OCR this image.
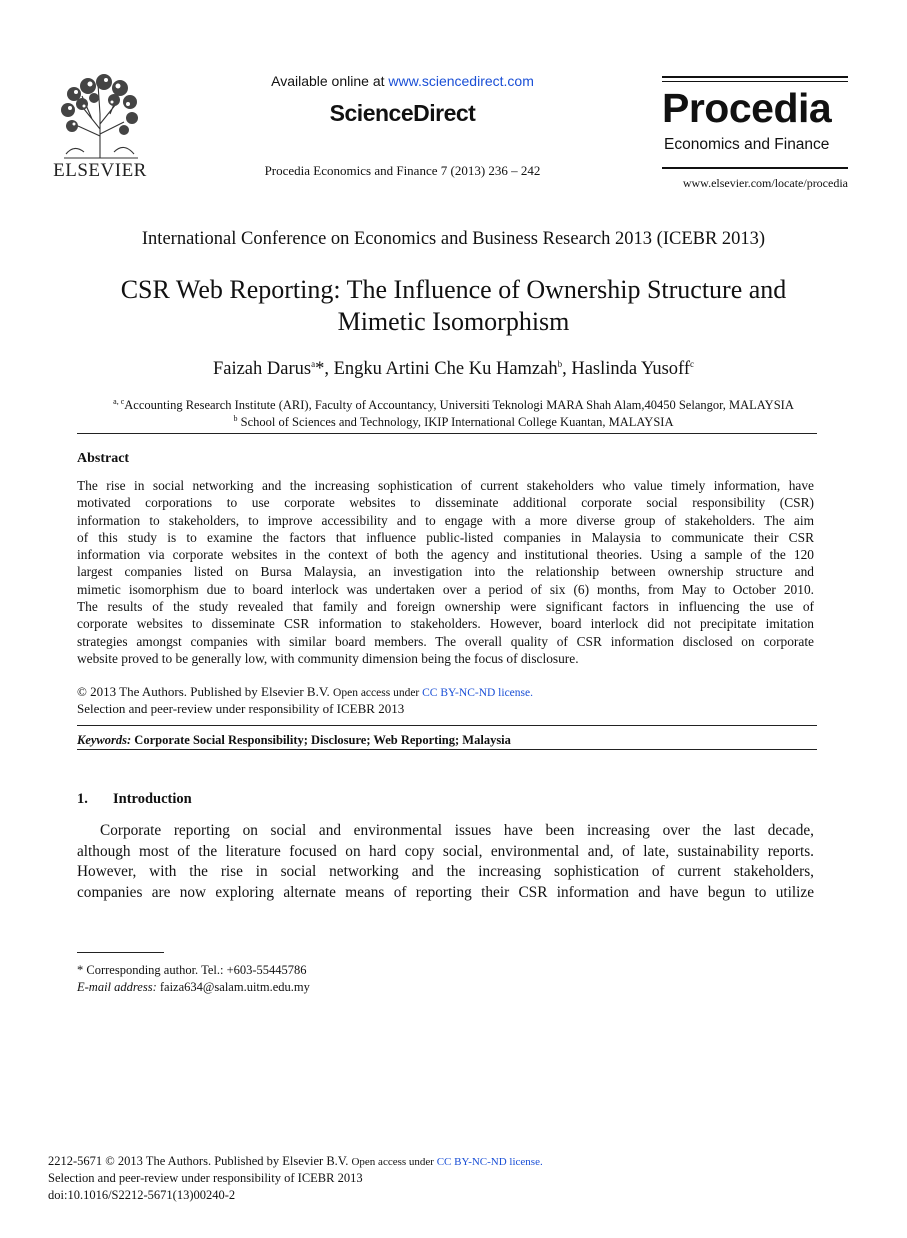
ELSEVIER
Available online at www.sciencedirect.com
ScienceDirect
Procedia Economics and Finance 7 (2013) 236 – 242
Procedia
Economics and Finance
www.elsevier.com/locate/procedia
International Conference on Economics and Business Research 2013 (ICEBR 2013)
CSR Web Reporting: The Influence of Ownership Structure and
Mimetic Isomorphism
Faizah Darus$^a$*, Engku Artini Che Ku Hamzah$^b$, Haslinda Yusoff$^c$
$^{a, c}$Accounting Research Institute (ARI), Faculty of Accountancy, Universiti Teknologi MARA Shah Alam,40450 Selangor, MALAYSIA
$^b$ School of Sciences and Technology, IKIP International College Kuantan, MALAYSIA
Abstract
The rise in social networking and the increasing sophistication of current stakeholders who value timely information, have
motivated corporations to use corporate websites to disseminate additional corporate social responsibility (CSR)
information to stakeholders, to improve accessibility and to engage with a more diverse group of stakeholders. The aim
of this study is to examine the factors that influence public-listed companies in Malaysia to communicate their CSR
information via corporate websites in the context of both the agency and institutional theories. Using a sample of the 120
largest companies listed on Bursa Malaysia, an investigation into the relationship between ownership structure and
mimetic isomorphism due to board interlock was undertaken over a period of six (6) months, from May to October 2010.
The results of the study revealed that family and foreign ownership were significant factors in influencing the use of
corporate websites to disseminate CSR information to stakeholders. However, board interlock did not precipitate imitation
strategies amongst companies with similar board members. The overall quality of CSR information disclosed on corporate
website proved to be generally low, with community dimension being the focus of disclosure.
© 2013 The Authors. Published by Elsevier B.V. Open access under CC BY-NC-ND license.
Selection and peer-review under responsibility of ICEBR 2013
Keywords: Corporate Social Responsibility; Disclosure; Web Reporting; Malaysia
1. Introduction
Corporate reporting on social and environmental issues have been increasing over the last decade,
although most of the literature focused on hard copy social, environmental and, of late, sustainability reports.
However, with the rise in social networking and the increasing sophistication of current stakeholders,
companies are now exploring alternate means of reporting their CSR information and have begun to utilize
* Corresponding author. Tel.: +603-55445786
E-mail address: faiza634@salam.uitm.edu.my
2212-5671 © 2013 The Authors. Published by Elsevier B.V. Open access under CC BY-NC-ND license.
Selection and peer-review under responsibility of ICEBR 2013
doi:10.1016/S2212-5671(13)00240-2
